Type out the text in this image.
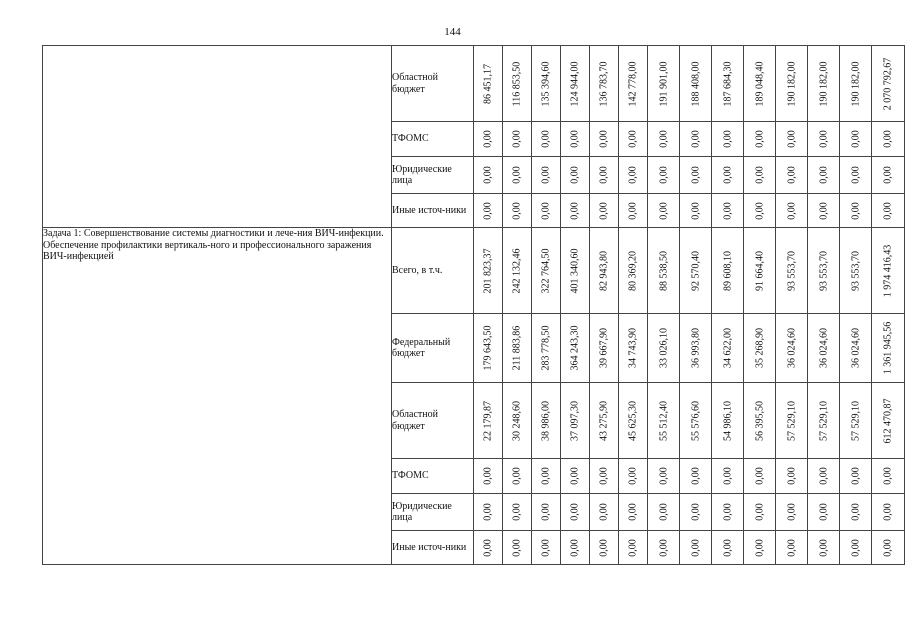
144
	Областной бюджет	86 451,17	116 853,50	135 394,60	124 944,00	136 783,70	142 778,00	191 901,00	188 408,00	187 684,30	189 048,40	190 182,00	190 182,00	190 182,00	2 070 792,67

	ТФОМС	0,00	0,00	0,00	0,00	0,00	0,00	0,00	0,00	0,00	0,00	0,00	0,00	0,00	0,00

	Юридические лица	0,00	0,00	0,00	0,00	0,00	0,00	0,00	0,00	0,00	0,00	0,00	0,00	0,00	0,00

	Иные источ-ники	0,00	0,00	0,00	0,00	0,00	0,00	0,00	0,00	0,00	0,00	0,00	0,00	0,00	0,00

Задача 1: Совершенствование системы диагностики и лече-ния ВИЧ-инфекции. Обеспечение профилактики вертикаль-ного и профессионального заражения ВИЧ-инфекцией	Всего, в т.ч.	201 823,37	242 132,46	322 764,50	401 340,60	82 943,80	80 369,20	88 538,50	92 570,40	89 608,10	91 664,40	93 553,70	93 553,70	93 553,70	1 974 416,43

	Федеральный бюджет	179 643,50	211 883,86	283 778,50	364 243,30	39 667,90	34 743,90	33 026,10	36 993,80	34 622,00	35 268,90	36 024,60	36 024,60	36 024,60	1 361 945,56

	Областной бюджет	22 179,87	30 248,60	38 986,00	37 097,30	43 275,90	45 625,30	55 512,40	55 576,60	54 986,10	56 395,50	57 529,10	57 529,10	57 529,10	612 470,87

	ТФОМС	0,00	0,00	0,00	0,00	0,00	0,00	0,00	0,00	0,00	0,00	0,00	0,00	0,00	0,00

	Юридические лица	0,00	0,00	0,00	0,00	0,00	0,00	0,00	0,00	0,00	0,00	0,00	0,00	0,00	0,00

	Иные источ-ники	0,00	0,00	0,00	0,00	0,00	0,00	0,00	0,00	0,00	0,00	0,00	0,00	0,00	0,00
